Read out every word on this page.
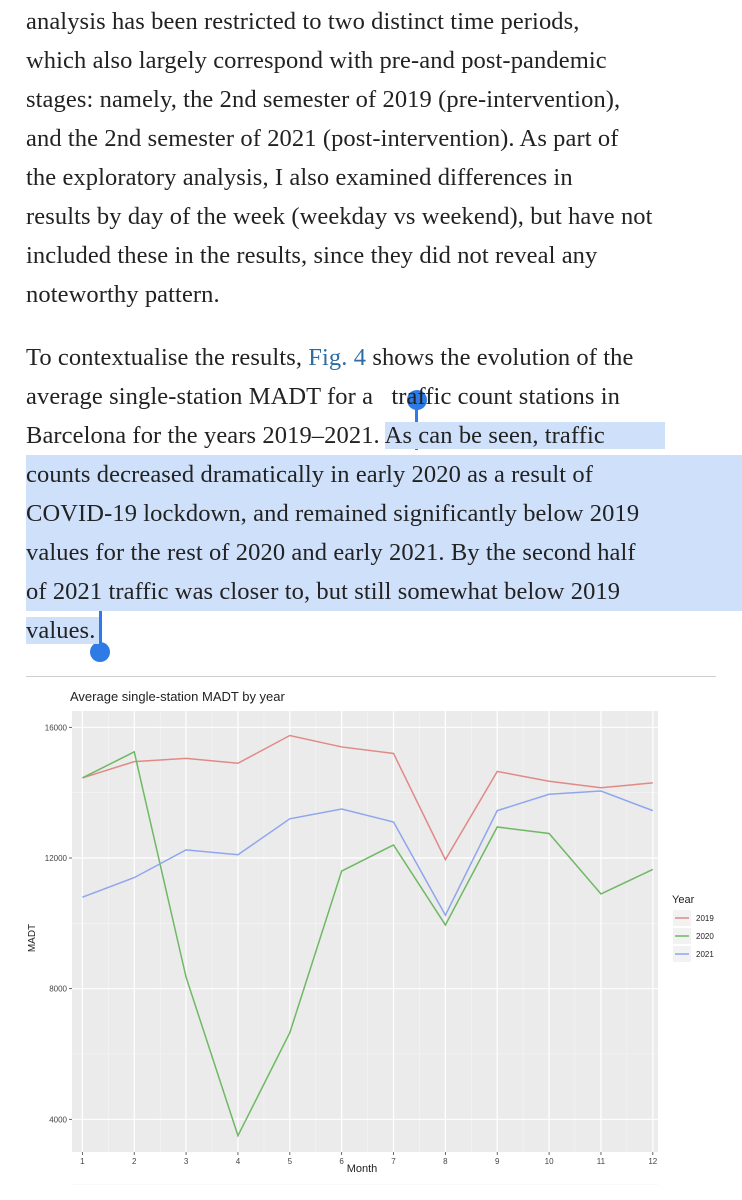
analysis has been restricted to two distinct time periods,
which also largely correspond with pre-and post-pandemic
stages: namely, the 2nd semester of 2019 (pre-intervention),
and the 2nd semester of 2021 (post-intervention). As part of
the exploratory analysis, I also examined differences in
results by day of the week (weekday vs weekend), but have not
included these in the results, since they did not reveal any
noteworthy pattern.
To contextualise the results, Fig. 4 shows the evolution of the
average single-station MADT for a traffic count stations in
Barcelona for the years 2019–2021. As can be seen, traffic
counts decreased dramatically in early 2020 as a result of
COVID-19 lockdown, and remained significantly below 2019
values for the rest of 2020 and early 2021. By the second half
of 2021 traffic was closer to, but still somewhat below 2019
values.
Average single-station MADT by year
4000
8000
12000
16000
1	2	3	4	5	6	7	8	9	10	11	12
Year
2019
2020
2021
Month
MADT
